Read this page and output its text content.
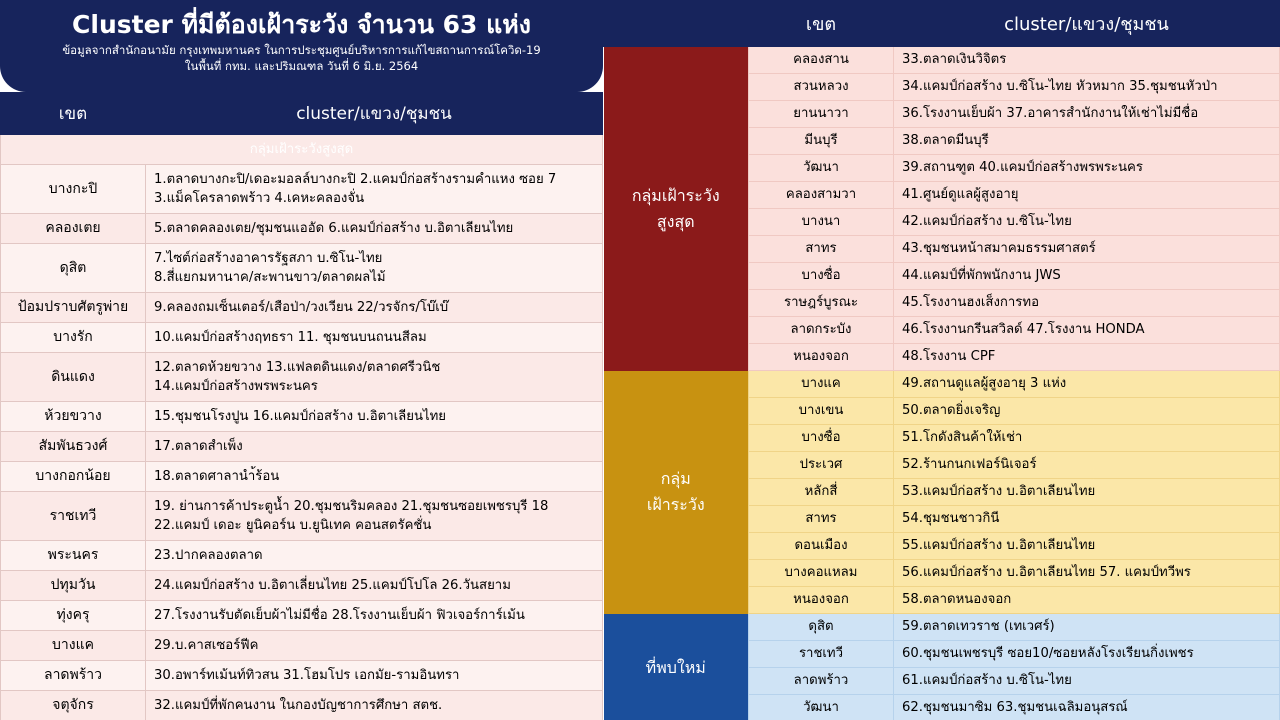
Cluster ที่มีต้องเฝ้าระวัง จำนวน 63 แห่ง
ข้อมูลจากสำนักอนามัย กรุงเทพมหานคร ในการประชุมศูนย์บริหารการแก้ไขสถานการณ์โควิด-19
ในพื้นที่ กทม. และปริมณฑล วันที่ 6 มิ.ย. 2564
เขต	cluster/แขวง/ชุมชน
กลุ่มเฝ้าระวังสูงสุด	
บางกะปิ	1.ตลาดบางกะปิ/เดอะมอลล์บางกะปิ 2.แคมป์ก่อสร้างรามคำแหง ซอย 7
3.แม็คโครลาดพร้าว 4.เคหะคลองจั่น
คลองเตย	5.ตลาดคลองเตย/ชุมชนแออัด 6.แคมป์ก่อสร้าง บ.อิตาเลียนไทย
ดุสิต	7.ไซต์ก่อสร้างอาคารรัฐสภา บ.ซิโน-ไทย
8.สี่แยกมหานาค/สะพานขาว/ตลาดผลไม้
ป้อมปราบศัตรูพ่าย	9.คลองถมเซ็นเตอร์/เสือป่า/วงเวียน 22/วรจักร/โบ๊เบ๊
บางรัก	10.แคมป์ก่อสร้างฤทธรา 11. ชุมชนบนถนนสีลม
ดินแดง	12.ตลาดห้วยขวาง 13.แฟลตดินแดง/ตลาดศรีวนิช
14.แคมป์ก่อสร้างพรพระนคร
ห้วยขวาง	15.ชุมชนโรงปูน 16.แคมป์ก่อสร้าง บ.อิตาเลียนไทย
สัมพันธวงศ์	17.ตลาดสำเพ็ง
บางกอกน้อย	18.ตลาดศาลานำ้ร้อน
ราชเทวี	19. ย่านการค้าประตูน้ำ 20.ชุมชนริมคลอง 21.ชุมชนซอยเพชรบุรี 18
22.แคมป์ เดอะ ยูนิคอร์น บ.ยูนิเทค คอนสตรัคชั่น
พระนคร	23.ปากคลองตลาด
ปทุมวัน	24.แคมป์ก่อสร้าง บ.อิตาเลี่ยนไทย 25.แคมป์โปโล 26.วันสยาม
ทุ่งครุ	27.โรงงานรับตัดเย็บผ้าไม่มีชื่อ 28.โรงงานเย็บผ้า ฟิวเจอร์การ์เม้น
บางแค	29.บ.คาสเซอร์ฟีค
ลาดพร้าว	30.อพาร์ทเม้นท์ทิวสน 31.โฮมโปร เอกมัย-รามอินทรา
จตุจักร	32.แคมป์ที่พักคนงาน ในกองบัญชาการศึกษา สตช.
	เขต	cluster/แขวง/ชุมชน
กลุ่มเฝ้าระวัง
สูงสุด	คลองสาน	33.ตลาดเงินวิจิตร
	สวนหลวง	34.แคมป์ก่อสร้าง บ.ซิโน-ไทย หัวหมาก 35.ชุมชนหัวป่า
	ยานนาวา	36.โรงงานเย็บผ้า 37.อาคารสำนักงานให้เช่าไม่มีชื่อ
	มีนบุรี	38.ตลาดมีนบุรี
	วัฒนา	39.สถานฑูต 40.แคมป์ก่อสร้างพรพระนคร
	คลองสามวา	41.ศูนย์ดูแลผู้สูงอายุ
	บางนา	42.แคมป์ก่อสร้าง บ.ซิโน-ไทย
	สาทร	43.ชุมชนหน้าสมาคมธรรมศาสตร์
	บางซื่อ	44.แคมป์ที่พักพนักงาน JWS
	ราษฎร์บูรณะ	45.โรงงานฮงเส็งการทอ
	ลาดกระบัง	46.โรงงานกรีนสวิลด์ 47.โรงงาน HONDA
	หนองจอก	48.โรงงาน CPF
กลุ่ม
เฝ้าระวัง	บางแค	49.สถานดูแลผู้สูงอายุ 3 แห่ง
	บางเขน	50.ตลาดยิ่งเจริญ
	บางซื่อ	51.โกดังสินค้าให้เช่า
	ประเวศ	52.ร้านกนกเฟอร์นิเจอร์
	หลักสี่	53.แคมป์ก่อสร้าง บ.อิตาเลียนไทย
	สาทร	54.ชุมชนชาวกินี
	ดอนเมือง	55.แคมป์ก่อสร้าง บ.อิตาเลียนไทย
	บางคอแหลม	56.แคมป์ก่อสร้าง บ.อิตาเลียนไทย 57. แคมป์ทวีพร
	หนองจอก	58.ตลาดหนองจอก
ที่พบใหม่	ดุสิต	59.ตลาดเทวราช (เทเวศร์)
	ราชเทวี	60.ชุมชนเพชรบุรี ซอย10/ซอยหลังโรงเรียนกิ่งเพชร
	ลาดพร้าว	61.แคมป์ก่อสร้าง บ.ซิโน-ไทย
	วัฒนา	62.ชุมชนมาซิม 63.ชุมชนเฉลิมอนุสรณ์
